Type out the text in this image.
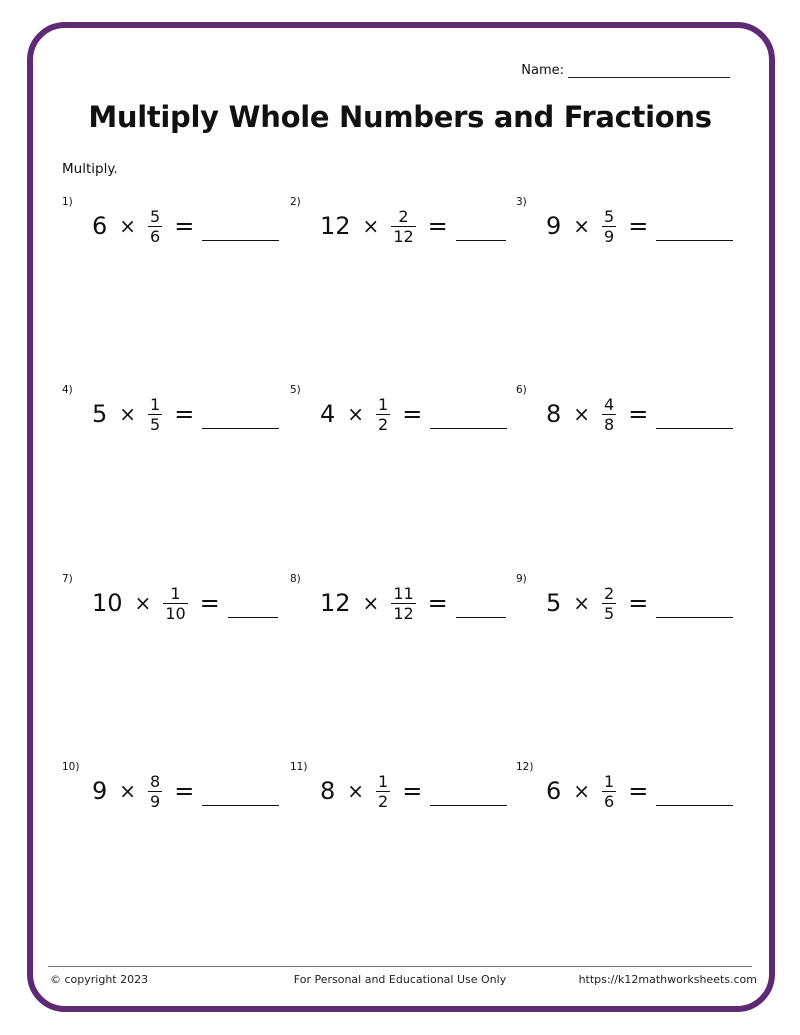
Name:
Multiply Whole Numbers and Fractions
Multiply.
1)
$6 \times \frac{5}{6}$ =
2)
$12 \times \frac{2}{12}$ =
3)
$9 \times \frac{5}{9}$ =
4)
$5 \times \frac{1}{5}$ =
5)
$4 \times \frac{1}{2}$ =
6)
$8 \times \frac{4}{8}$ =
7)
$10 \times \frac{1}{10}$ =
8)
$12 \times \frac{11}{12}$ =
9)
$5 \times \frac{2}{5}$ =
10)
$9 \times \frac{8}{9}$ =
11)
$8 \times \frac{1}{2}$ =
12)
$6 \times \frac{1}{6}$ =
© copyright 2023	For Personal and Educational Use Only	https://k12mathworksheets.com
